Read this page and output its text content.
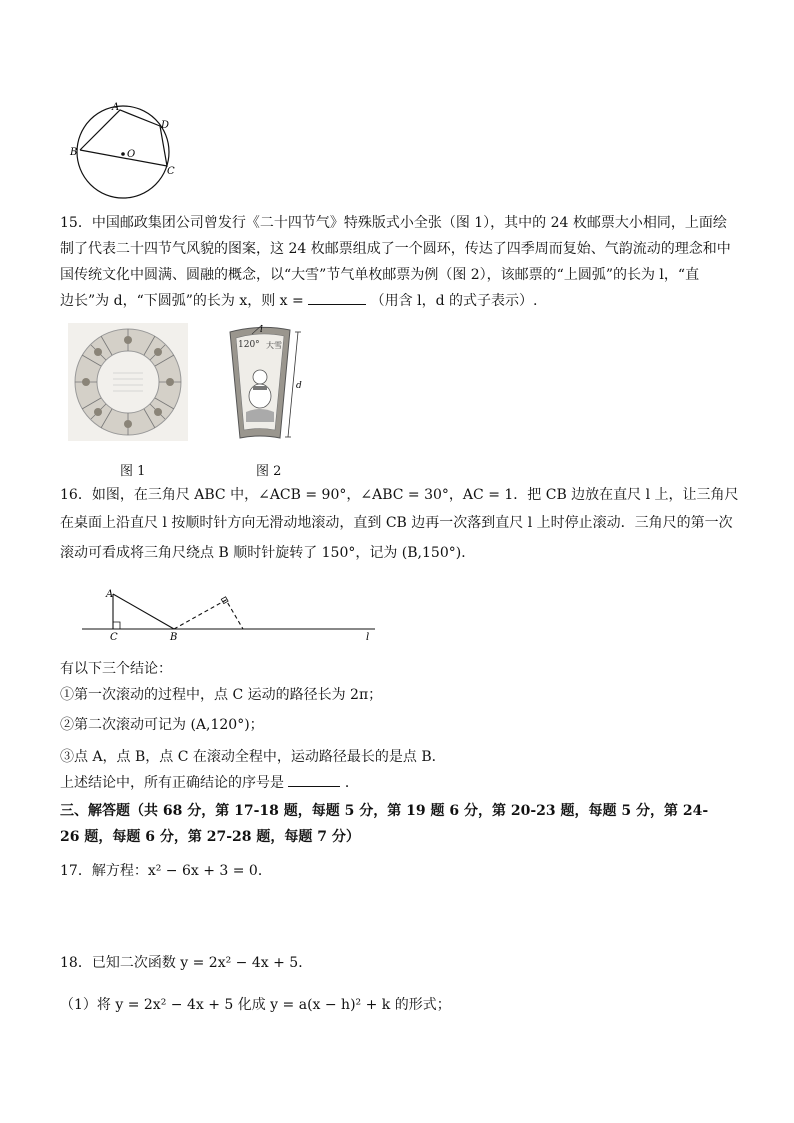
A
D
B
C
O
15．中国邮政集团公司曾发行《二十四节气》特殊版式小全张（图 1），其中的 24 枚邮票大小相同，上面绘
制了代表二十四节气风貌的图案，这 24 枚邮票组成了一个圆环，传达了四季周而复始、气韵流动的理念和中
国传统文化中圆满、圆融的概念，以“大雪”节气单枚邮票为例（图 2），该邮票的“上圆弧”的长为 l，“直
边长”为 d，“下圆弧”的长为 x，则 x =	（用含 l，d 的式子表示）.
120° 大雪
l
d
图 1	图 2
16．如图，在三角尺 ABC 中，∠ACB = 90°，∠ABC = 30°，AC = 1．把 CB 边放在直尺 l 上，让三角尺
在桌面上沿直尺 l 按顺时针方向无滑动地滚动，直到 CB 边再一次落到直尺 l 上时停止滚动．三角尺的第一次
滚动可看成将三角尺绕点 B 顺时针旋转了 150°，记为 (B,150°)．
A
C	B	l
有以下三个结论：
①第一次滚动的过程中，点 C 运动的路径长为 2π；
②第二次滚动可记为 (A,120°)；
③点 A，点 B，点 C 在滚动全程中，运动路径最长的是点 B．
上述结论中，所有正确结论的序号是	．
三、解答题（共 68 分，第 17-18 题，每题 5 分，第 19 题 6 分，第 20-23 题，每题 5 分，第 24-
26 题，每题 6 分，第 27-28 题，每题 7 分）
17．解方程：x² − 6x + 3 = 0．
18．已知二次函数 y = 2x² − 4x + 5．
（1）将 y = 2x² − 4x + 5 化成 y = a(x − h)² + k 的形式；
